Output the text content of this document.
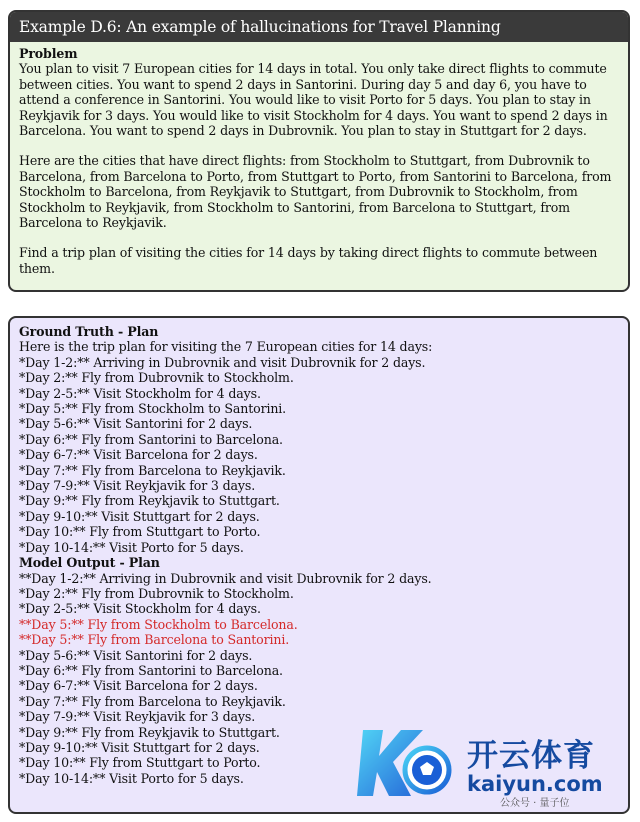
Example D.6: An example of hallucinations for Travel Planning
Problem

You plan to visit 7 European cities for 14 days in total. You only take direct flights to commute between cities. You want to spend 2 days in Santorini. During day 5 and day 6, you have to attend a conference in Santorini. You would like to visit Porto for 5 days. You plan to stay in Reykjavik for 3 days. You would like to visit Stockholm for 4 days. You want to spend 2 days in Barcelona. You want to spend 2 days in Dubrovnik. You plan to stay in Stuttgart for 2 days.

Here are the cities that have direct flights: from Stockholm to Stuttgart, from Dubrovnik to Barcelona, from Barcelona to Porto, from Stuttgart to Porto, from Santorini to Barcelona, from Stockholm to Barcelona, from Reykjavik to Stuttgart, from Dubrovnik to Stockholm, from Stockholm to Reykjavik, from Stockholm to Santorini, from Barcelona to Stuttgart, from Barcelona to Reykjavik.

Find a trip plan of visiting the cities for 14 days by taking direct flights to commute between them.

Ground Truth - Plan
Here is the trip plan for visiting the 7 European cities for 14 days:
*Day 1-2:** Arriving in Dubrovnik and visit Dubrovnik for 2 days.
*Day 2:** Fly from Dubrovnik to Stockholm.
*Day 2-5:** Visit Stockholm for 4 days.
*Day 5:** Fly from Stockholm to Santorini.
*Day 5-6:** Visit Santorini for 2 days.
*Day 6:** Fly from Santorini to Barcelona.
*Day 6-7:** Visit Barcelona for 2 days.
*Day 7:** Fly from Barcelona to Reykjavik.
*Day 7-9:** Visit Reykjavik for 3 days.
*Day 9:** Fly from Reykjavik to Stuttgart.
*Day 9-10:** Visit Stuttgart for 2 days.
*Day 10:** Fly from Stuttgart to Porto.
*Day 10-14:** Visit Porto for 5 days.
Model Output - Plan
**Day 1-2:** Arriving in Dubrovnik and visit Dubrovnik for 2 days.
*Day 2:** Fly from Dubrovnik to Stockholm.
*Day 2-5:** Visit Stockholm for 4 days.
**Day 5:** Fly from Stockholm to Barcelona.
**Day 5:** Fly from Barcelona to Santorini.
*Day 5-6:** Visit Santorini for 2 days.
*Day 6:** Fly from Santorini to Barcelona.
*Day 6-7:** Visit Barcelona for 2 days.
*Day 7:** Fly from Barcelona to Reykjavik.
*Day 7-9:** Visit Reykjavik for 3 days.
*Day 9:** Fly from Reykjavik to Stuttgart.
*Day 9-10:** Visit Stuttgart for 2 days.
*Day 10:** Fly from Stuttgart to Porto.
*Day 10-14:** Visit Porto for 5 days.
开云体育
kaiyun.com
公众号 · 量子位
